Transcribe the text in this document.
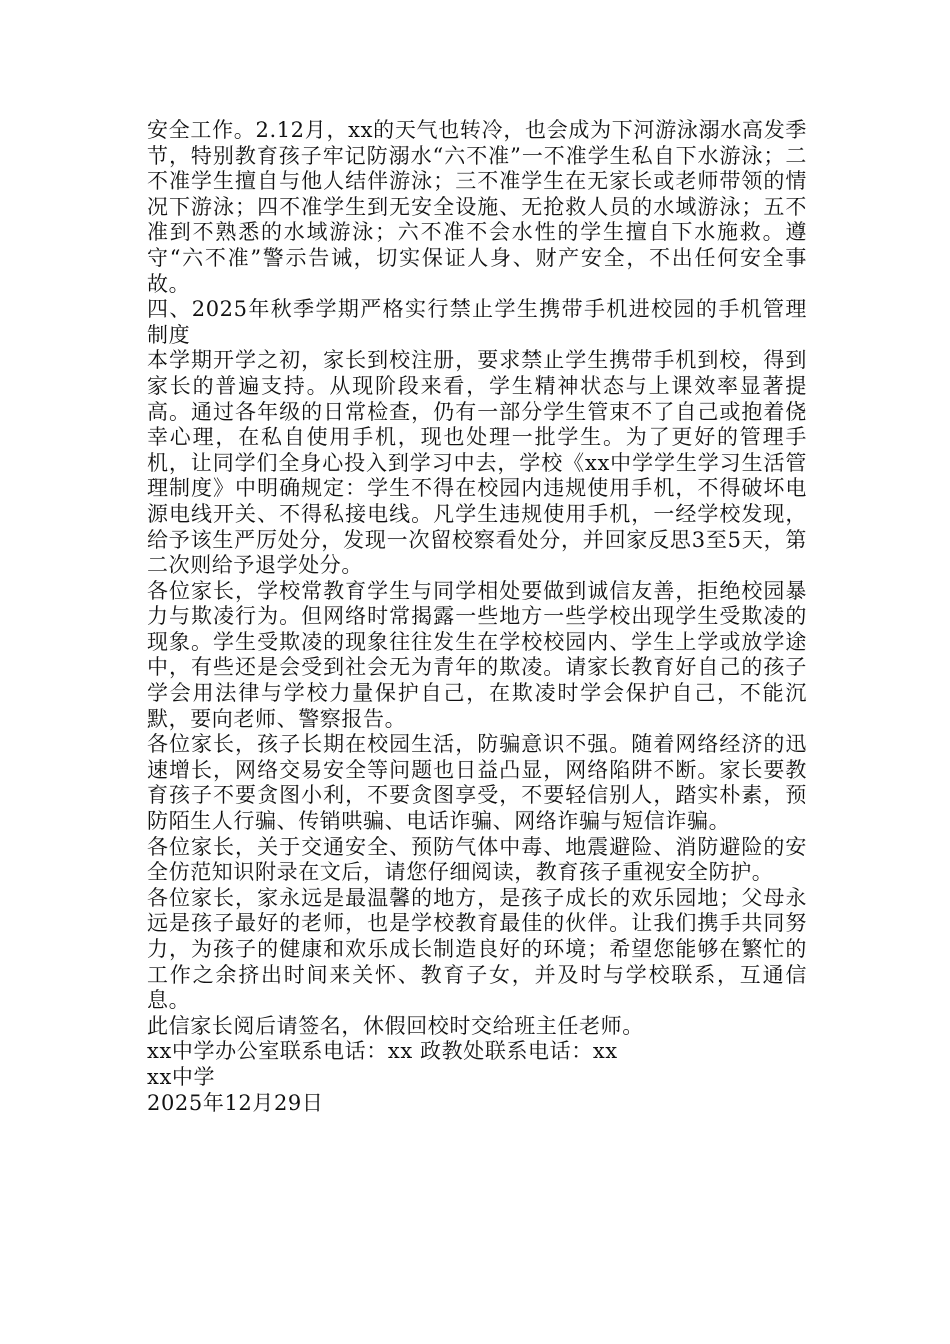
安全工作。2.12月，xx的天气也转冷，也会成为下河游泳溺水高发季节，特别教育孩子牢记防溺水“六不准”一不准学生私自下水游泳；二不准学生擅自与他人结伴游泳；三不准学生在无家长或老师带领的情况下游泳；四不准学生到无安全设施、无抢救人员的水域游泳；五不准到不熟悉的水域游泳；六不准不会水性的学生擅自下水施救。遵守“六不准”警示告诫，切实保证人身、财产安全，不出任何安全事故。

四、2025年秋季学期严格实行禁止学生携带手机进校园的手机管理制度

本学期开学之初，家长到校注册，要求禁止学生携带手机到校，得到家长的普遍支持。从现阶段来看，学生精神状态与上课效率显著提高。通过各年级的日常检查，仍有一部分学生管束不了自己或抱着侥幸心理，在私自使用手机，现也处理一批学生。为了更好的管理手机，让同学们全身心投入到学习中去，学校《xx中学学生学习生活管理制度》中明确规定：学生不得在校园内违规使用手机，不得破坏电源电线开关、不得私接电线。凡学生违规使用手机，一经学校发现，给予该生严厉处分，发现一次留校察看处分，并回家反思3至5天，第二次则给予退学处分。

各位家长，学校常教育学生与同学相处要做到诚信友善，拒绝校园暴力与欺凌行为。但网络时常揭露一些地方一些学校出现学生受欺凌的现象。学生受欺凌的现象往往发生在学校校园内、学生上学或放学途中，有些还是会受到社会无为青年的欺凌。请家长教育好自己的孩子学会用法律与学校力量保护自己，在欺凌时学会保护自己，不能沉默，要向老师、警察报告。

各位家长，孩子长期在校园生活，防骗意识不强。随着网络经济的迅速增长，网络交易安全等问题也日益凸显，网络陷阱不断。家长要教育孩子不要贪图小利，不要贪图享受，不要轻信别人，踏实朴素，预防陌生人行骗、传销哄骗、电话诈骗、网络诈骗与短信诈骗。

各位家长，关于交通安全、预防气体中毒、地震避险、消防避险的安全仿范知识附录在文后，请您仔细阅读，教育孩子重视安全防护。

各位家长，家永远是最温馨的地方，是孩子成长的欢乐园地；父母永远是孩子最好的老师，也是学校教育最佳的伙伴。让我们携手共同努力，为孩子的健康和欢乐成长制造良好的环境；希望您能够在繁忙的工作之余挤出时间来关怀、教育子女，并及时与学校联系，互通信息。

此信家长阅后请签名，休假回校时交给班主任老师。

xx中学办公室联系电话：xx 政教处联系电话：xx

xx中学

2025年12月29日
